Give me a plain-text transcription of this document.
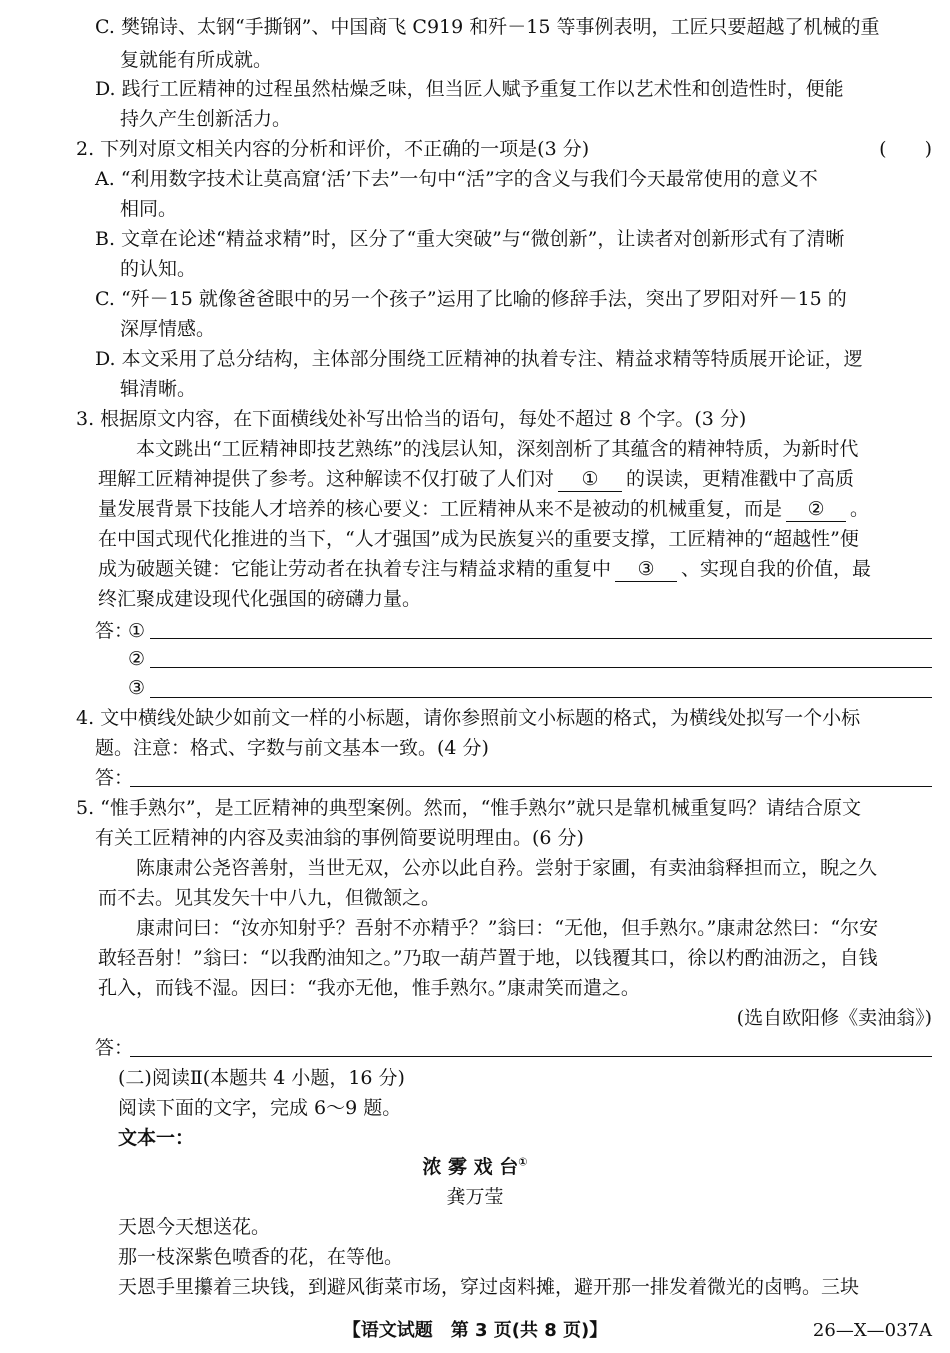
C. 樊锦诗、太钢“手撕钢”、中国商飞 C919 和歼－15 等事例表明，工匠只要超越了机械的重
复就能有所成就。
D. 践行工匠精神的过程虽然枯燥乏味，但当匠人赋予重复工作以艺术性和创造性时，便能
持久产生创新活力。
2. 下列对原文相关内容的分析和评价，不正确的一项是(3 分)	(　　)
A. “利用数字技术让莫高窟‘活’下去”一句中“活”字的含义与我们今天最常使用的意义不
相同。
B. 文章在论述“精益求精”时，区分了“重大突破”与“微创新”，让读者对创新形式有了清晰
的认知。
C. “歼－15 就像爸爸眼中的另一个孩子”运用了比喻的修辞手法，突出了罗阳对歼－15 的
深厚情感。
D. 本文采用了总分结构，主体部分围绕工匠精神的执着专注、精益求精等特质展开论证，逻
辑清晰。
3. 根据原文内容，在下面横线处补写出恰当的语句，每处不超过 8 个字。(3 分)
本文跳出“工匠精神即技艺熟练”的浅层认知，深刻剖析了其蕴含的精神特质，为新时代
理解工匠精神提供了参考。这种解读不仅打破了人们对 ① 的误读，更精准戳中了高质
量发展背景下技能人才培养的核心要义：工匠精神从来不是被动的机械重复，而是 ② 。
在中国式现代化推进的当下，“人才强国”成为民族复兴的重要支撑，工匠精神的“超越性”便
成为破题关键：它能让劳动者在执着专注与精益求精的重复中 ③ 、实现自我的价值，最
终汇聚成建设现代化强国的磅礴力量。
答：
①
②
③
4. 文中横线处缺少如前文一样的小标题，请你参照前文小标题的格式，为横线处拟写一个小标
题。注意：格式、字数与前文基本一致。(4 分)
答：
5. “惟手熟尔”，是工匠精神的典型案例。然而，“惟手熟尔”就只是靠机械重复吗？请结合原文
有关工匠精神的内容及卖油翁的事例简要说明理由。(6 分)
陈康肃公尧咨善射，当世无双，公亦以此自矜。尝射于家圃，有卖油翁释担而立，睨之久
而不去。见其发矢十中八九，但微颔之。
康肃问曰：“汝亦知射乎？吾射不亦精乎？”翁曰：“无他，但手熟尔。”康肃忿然曰：“尔安
敢轻吾射！”翁曰：“以我酌油知之。”乃取一葫芦置于地，以钱覆其口，徐以杓酌油沥之，自钱
孔入，而钱不湿。因曰：“我亦无他，惟手熟尔。”康肃笑而遣之。
(选自欧阳修《卖油翁》)
答：
(二)阅读Ⅱ(本题共 4 小题，16 分)
阅读下面的文字，完成 6～9 题。
文本一：
浓 雾 戏 台①
龚万莹
天恩今天想送花。
那一枝深紫色喷香的花，在等他。
天恩手里攥着三块钱，到避风街菜市场，穿过卤料摊，避开那一排发着微光的卤鸭。三块
【语文试题　第 3 页(共 8 页)】	26—X—037A
